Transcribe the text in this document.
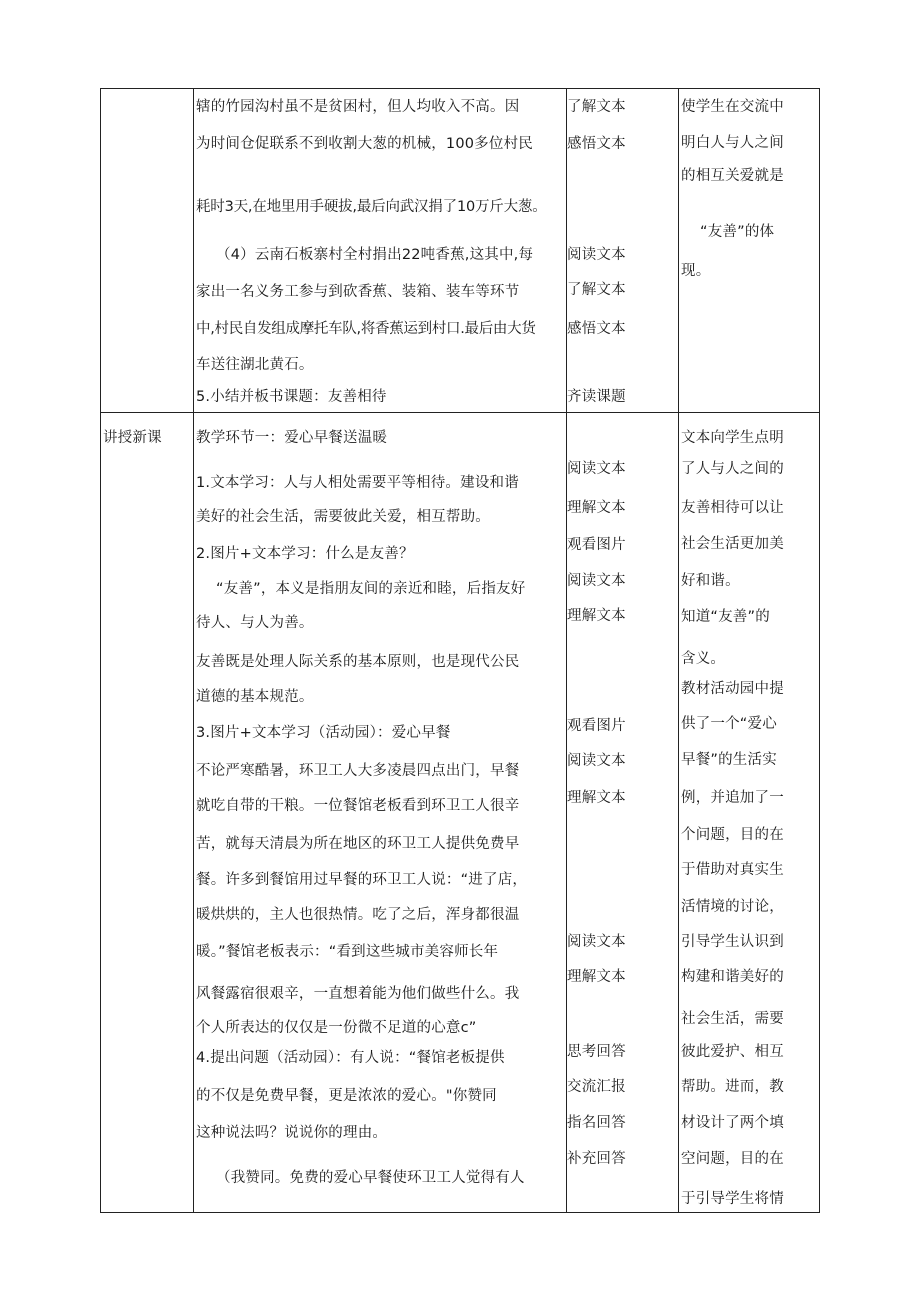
辖的竹园沟村虽不是贫困村，但人均收入不高。因
为时间仓促联系不到收割大葱的机械，100多位村民
耗时3天,在地里用手硬拔,最后向武汉捐了10万斤大葱。
（4）云南石板寨村全村捐出22吨香蕉,这其中,每
家出一名义务工参与到砍香蕉、装箱、装车等环节
中,村民自发组成摩托车队,将香蕉运到村口.最后由大货
车送往湖北黄石。
5.小结并板书课题：友善相待
了解文本
感悟文本
阅读文本
了解文本
感悟文本
齐读课题
使学生在交流中
明白人与人之间
的相互关爱就是
“友善”的体
现。
讲授新课 教学环节一：爱心早餐送温暖
1.文本学习：人与人相处需要平等相待。建设和谐
美好的社会生活，需要彼此关爱，相互帮助。
2.图片+文本学习：什么是友善？
“友善”，本义是指朋友间的亲近和睦，后指友好
待人、与人为善。
友善既是处理人际关系的基本原则，也是现代公民
道德的基本规范。
3.图片+文本学习（活动园）：爱心早餐
不论严寒酷暑，环卫工人大多凌晨四点出门，早餐
就吃自带的干粮。一位餐馆老板看到环卫工人很辛
苦，就每天清晨为所在地区的环卫工人提供免费早
餐。许多到餐馆用过早餐的环卫工人说：“进了店，
暖烘烘的，主人也很热情。吃了之后，浑身都很温
暖。”餐馆老板表示：“看到这些城市美容师长年
风餐露宿很艰辛，一直想着能为他们做些什么。我
个人所表达的仅仅是一份微不足道的心意c”
4.提出问题（活动园）：有人说：“餐馆老板提供
的不仅是免费早餐，更是浓浓的爱心。"你赞同
这种说法吗？说说你的理由。
（我赞同。免费的爱心早餐使环卫工人觉得有人
阅读文本
理解文本
观看图片
阅读文本
理解文本
观看图片
阅读文本
理解文本
阅读文本
理解文本
思考回答
交流汇报
指名回答
补充回答
文本向学生点明
了人与人之间的
友善相待可以让
社会生活更加美
好和谐。
知道“友善”的
含义。
教材活动园中提
供了一个“爱心
早餐”的生活实
例，并追加了一
个问题，目的在
于借助对真实生
活情境的讨论，
引导学生认识到
构建和谐美好的
社会生活，需要
彼此爱护、相互
帮助。进而，教
材设计了两个填
空问题，目的在
于引导学生将情
